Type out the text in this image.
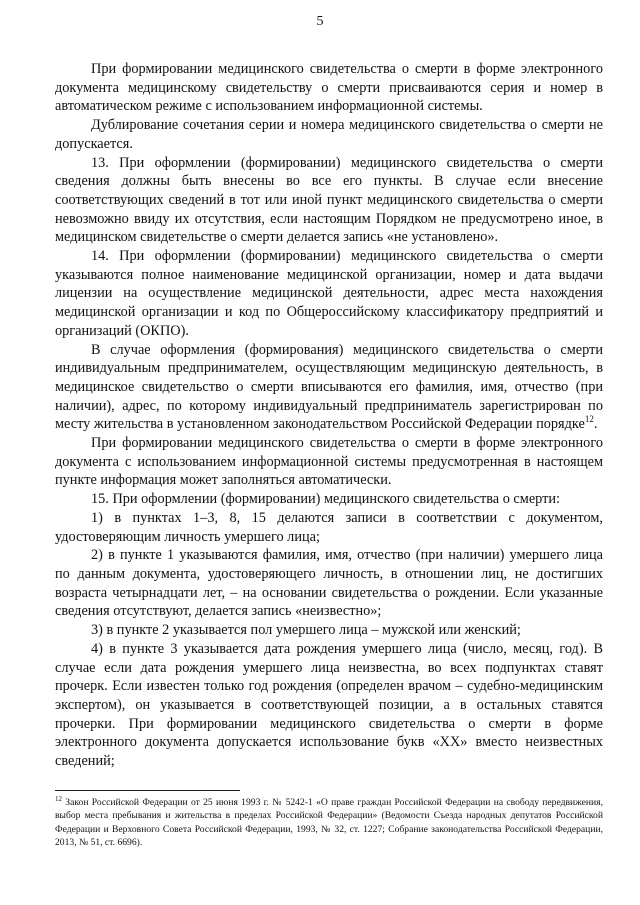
5

При формировании медицинского свидетельства о смерти в форме электронного документа медицинскому свидетельству о смерти присваиваются серия и номер в автоматическом режиме с использованием информационной системы.

Дублирование сочетания серии и номера медицинского свидетельства о смерти не допускается.

13. При оформлении (формировании) медицинского свидетельства о смерти сведения должны быть внесены во все его пункты. В случае если внесение соответствующих сведений в тот или иной пункт медицинского свидетельства о смерти невозможно ввиду их отсутствия, если настоящим Порядком не предусмотрено иное, в медицинском свидетельстве о смерти делается запись «не установлено».

14. При оформлении (формировании) медицинского свидетельства о смерти указываются полное наименование медицинской организации, номер и дата выдачи лицензии на осуществление медицинской деятельности, адрес места нахождения медицинской организации и код по Общероссийскому классификатору предприятий и организаций (ОКПО).

В случае оформления (формирования) медицинского свидетельства о смерти индивидуальным предпринимателем, осуществляющим медицинскую деятельность, в медицинское свидетельство о смерти вписываются его фамилия, имя, отчество (при наличии), адрес, по которому индивидуальный предприниматель зарегистрирован по месту жительства в установленном законодательством Российской Федерации порядке$^{12}$.

При формировании медицинского свидетельства о смерти в форме электронного документа с использованием информационной системы предусмотренная в настоящем пункте информация может заполняться автоматически.

15. При оформлении (формировании) медицинского свидетельства о смерти:

1) в пунктах 1–3, 8, 15 делаются записи в соответствии с документом, удостоверяющим личность умершего лица;

2) в пункте 1 указываются фамилия, имя, отчество (при наличии) умершего лица по данным документа, удостоверяющего личность, в отношении лиц, не достигших возраста четырнадцати лет, – на основании свидетельства о рождении. Если указанные сведения отсутствуют, делается запись «неизвестно»;

3) в пункте 2 указывается пол умершего лица – мужской или женский;

4) в пункте 3 указывается дата рождения умершего лица (число, месяц, год). В случае если дата рождения умершего лица неизвестна, во всех подпунктах ставят прочерк. Если известен только год рождения (определен врачом – судебно-медицинским экспертом), он указывается в соответствующей позиции, а в остальных ставятся прочерки. При формировании медицинского свидетельства о смерти в форме электронного документа допускается использование букв «XX» вместо неизвестных сведений;

$^{12}$ Закон Российской Федерации от 25 июня 1993 г. № 5242-1 «О праве граждан Российской Федерации на свободу передвижения, выбор места пребывания и жительства в пределах Российской Федерации» (Ведомости Съезда народных депутатов Российской Федерации и Верховного Совета Российской Федерации, 1993, № 32, ст. 1227; Собрание законодательства Российской Федерации, 2013, № 51, ст. 6696).
